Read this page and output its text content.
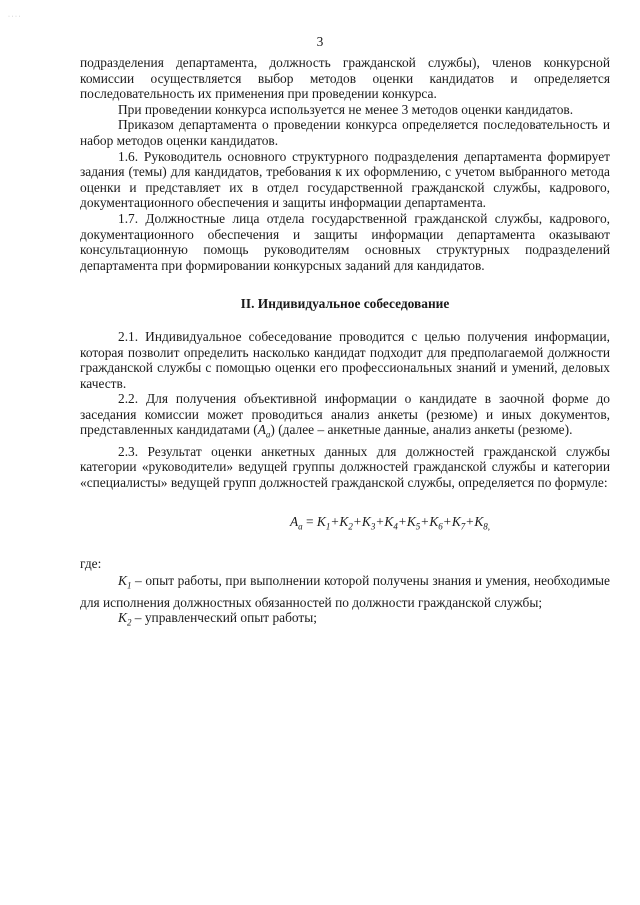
· · · ·
3

подразделения департамента, должность гражданской службы), членов конкурсной комиссии осуществляется выбор методов оценки кандидатов и определяется последовательность их применения при проведении конкурса.

При проведении конкурса используется не менее 3 методов оценки кандидатов.

Приказом департамента о проведении конкурса определяется последовательность и набор методов оценки кандидатов.

1.6. Руководитель основного структурного подразделения департамента формирует задания (темы) для кандидатов, требования к их оформлению, с учетом выбранного метода оценки и представляет их в отдел государственной гражданской службы, кадрового, документационного обеспечения и защиты информации департамента.

1.7. Должностные лица отдела государственной гражданской службы, кадрового, документационного обеспечения и защиты информации департамента оказывают консультационную помощь руководителям основных структурных подразделений департамента при формировании конкурсных заданий для кандидатов.

II. Индивидуальное собеседование

2.1. Индивидуальное собеседование проводится с целью получения информации, которая позволит определить насколько кандидат подходит для предполагаемой должности гражданской службы с помощью оценки его профессиональных знаний и умений, деловых качеств.

2.2. Для получения объективной информации о кандидате в заочной форме до заседания комиссии может проводиться анализ анкеты (резюме) и иных документов, представленных кандидатами $(A_a)$ (далее – анкетные данные, анализ анкеты (резюме).

2.3. Результат оценки анкетных данных для должностей гражданской службы категории «руководители» ведущей группы должностей гражданской службы и категории «специалисты» ведущей групп должностей гражданской службы, определяется по формуле:

$A_a = K_1+K_2+K_3+K_4+K_5+K_6+K_7+K_{8,}$

где:

$K_1$ – опыт работы, при выполнении которой получены знания и умения, необходимые для исполнения должностных обязанностей по должности гражданской службы;

$K_2$ – управленческий опыт работы;
